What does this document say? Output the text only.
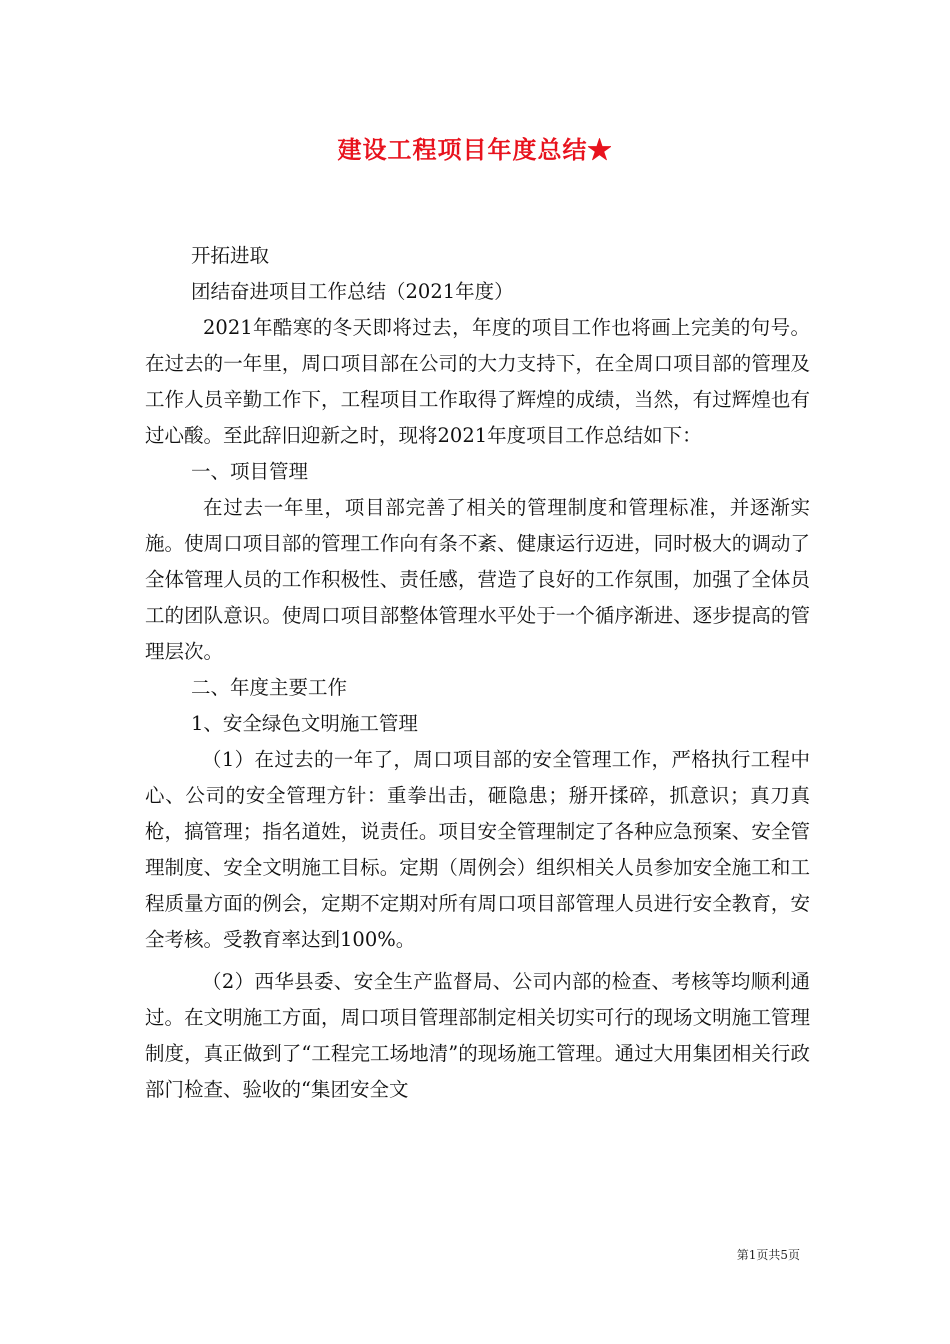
建设工程项目年度总结★

开拓进取

团结奋进项目工作总结（2021年度）

2021年酷寒的冬天即将过去，年度的项目工作也将画上完美的句号。在过去的一年里，周口项目部在公司的大力支持下，在全周口项目部的管理及工作人员辛勤工作下，工程项目工作取得了辉煌的成绩，当然，有过辉煌也有过心酸。至此辞旧迎新之时，现将2021年度项目工作总结如下：

一、项目管理

在过去一年里，项目部完善了相关的管理制度和管理标准，并逐渐实施。使周口项目部的管理工作向有条不紊、健康运行迈进，同时极大的调动了全体管理人员的工作积极性、责任感，营造了良好的工作氛围，加强了全体员工的团队意识。使周口项目部整体管理水平处于一个循序渐进、逐步提高的管理层次。

二、年度主要工作

1、安全绿色文明施工管理

（1）在过去的一年了，周口项目部的安全管理工作，严格执行工程中心、公司的安全管理方针：重拳出击，砸隐患；掰开揉碎，抓意识；真刀真枪，搞管理；指名道姓，说责任。项目安全管理制定了各种应急预案、安全管理制度、安全文明施工目标。定期（周例会）组织相关人员参加安全施工和工程质量方面的例会，定期不定期对所有周口项目部管理人员进行安全教育，安全考核。受教育率达到100%。

（2）西华县委、安全生产监督局、公司内部的检查、考核等均顺利通过。在文明施工方面，周口项目管理部制定相关切实可行的现场文明施工管理制度，真正做到了“工程完工场地清”的现场施工管理。通过大用集团相关行政部门检查、验收的“集团安全文

第1页共5页
